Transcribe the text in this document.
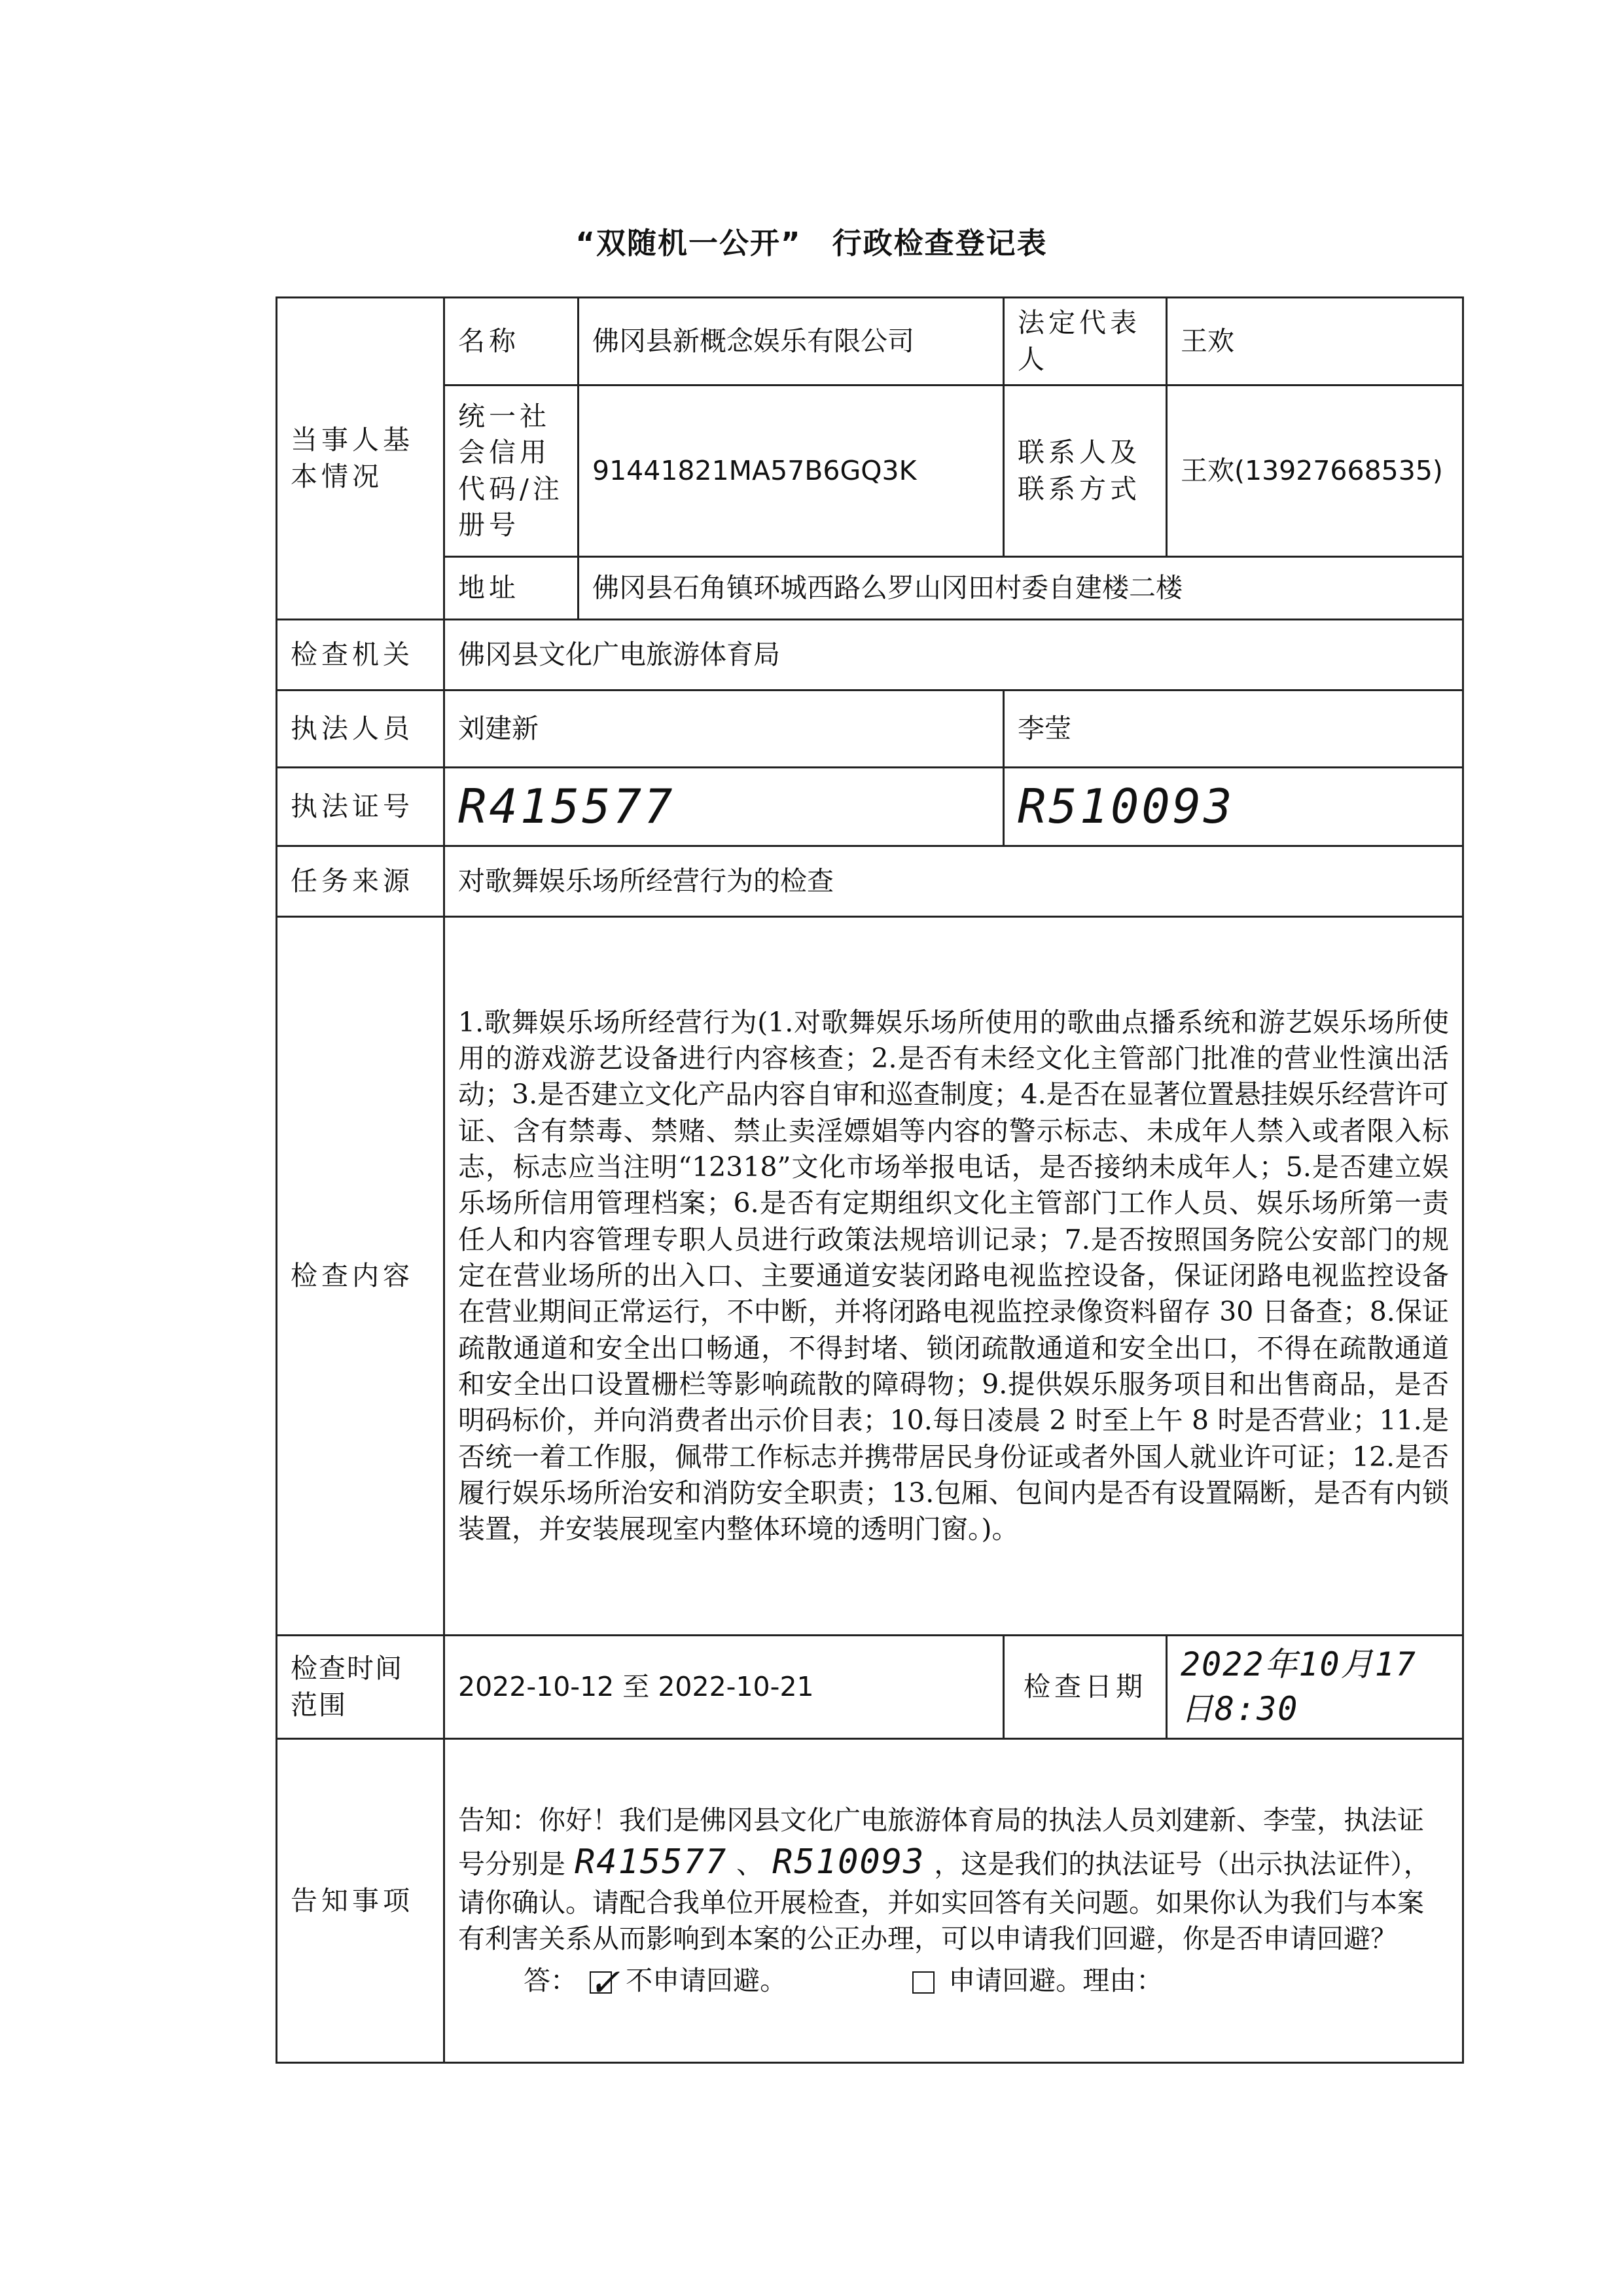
“双随机一公开”　行政检查登记表
当事人基本情况	名称	佛冈县新概念娱乐有限公司	法定代表人	王欢
	统一社会信用代码/注册号	91441821MA57B6GQ3K	联系人及联系方式	王欢(13927668535)
	地址	佛冈县石角镇环城西路么罗山冈田村委自建楼二楼		
检查机关	佛冈县文化广电旅游体育局			
执法人员	刘建新		李莹	
执法证号	R415577		R510093	
任务来源	对歌舞娱乐场所经营行为的检查			
检查内容	1.歌舞娱乐场所经营行为(1.对歌舞娱乐场所使用的歌曲点播系统和游艺娱乐场所使用的游戏游艺设备进行内容核查；2.是否有未经文化主管部门批准的营业性演出活动；3.是否建立文化产品内容自审和巡查制度；4.是否在显著位置悬挂娱乐经营许可证、含有禁毒、禁赌、禁止卖淫嫖娼等内容的警示标志、未成年人禁入或者限入标志，标志应当注明“12318”文化市场举报电话，是否接纳未成年人；5.是否建立娱乐场所信用管理档案；6.是否有定期组织文化主管部门工作人员、娱乐场所第一责任人和内容管理专职人员进行政策法规培训记录；7.是否按照国务院公安部门的规定在营业场所的出入口、主要通道安装闭路电视监控设备，保证闭路电视监控设备在营业期间正常运行，不中断，并将闭路电视监控录像资料留存 30 日备查；8.保证疏散通道和安全出口畅通，不得封堵、锁闭疏散通道和安全出口，不得在疏散通道和安全出口设置栅栏等影响疏散的障碍物；9.提供娱乐服务项目和出售商品，是否明码标价，并向消费者出示价目表；10.每日凌晨 2 时至上午 8 时是否营业；11.是否统一着工作服，佩带工作标志并携带居民身份证或者外国人就业许可证；12.是否履行娱乐场所治安和消防安全职责；13.包厢、包间内是否有设置隔断，是否有内锁装置，并安装展现室内整体环境的透明门窗。)。			
检查时间范围	2022-10-12 至 2022-10-21		检查日期	2022年10月17日8:30
告知事项	告知：你好！我们是佛冈县文化广电旅游体育局的执法人员刘建新、李莹，执法证号分别是 R415577 、 R510093 ，这是我们的执法证号（出示执法证件），请你确认。请配合我单位开展检查，并如实回答有关问题。如果你认为我们与本案有利害关系从而影响到本案的公正办理，可以申请我们回避，你是否申请回避？
答： ✓ 不申请回避。 申请回避。理由：			
